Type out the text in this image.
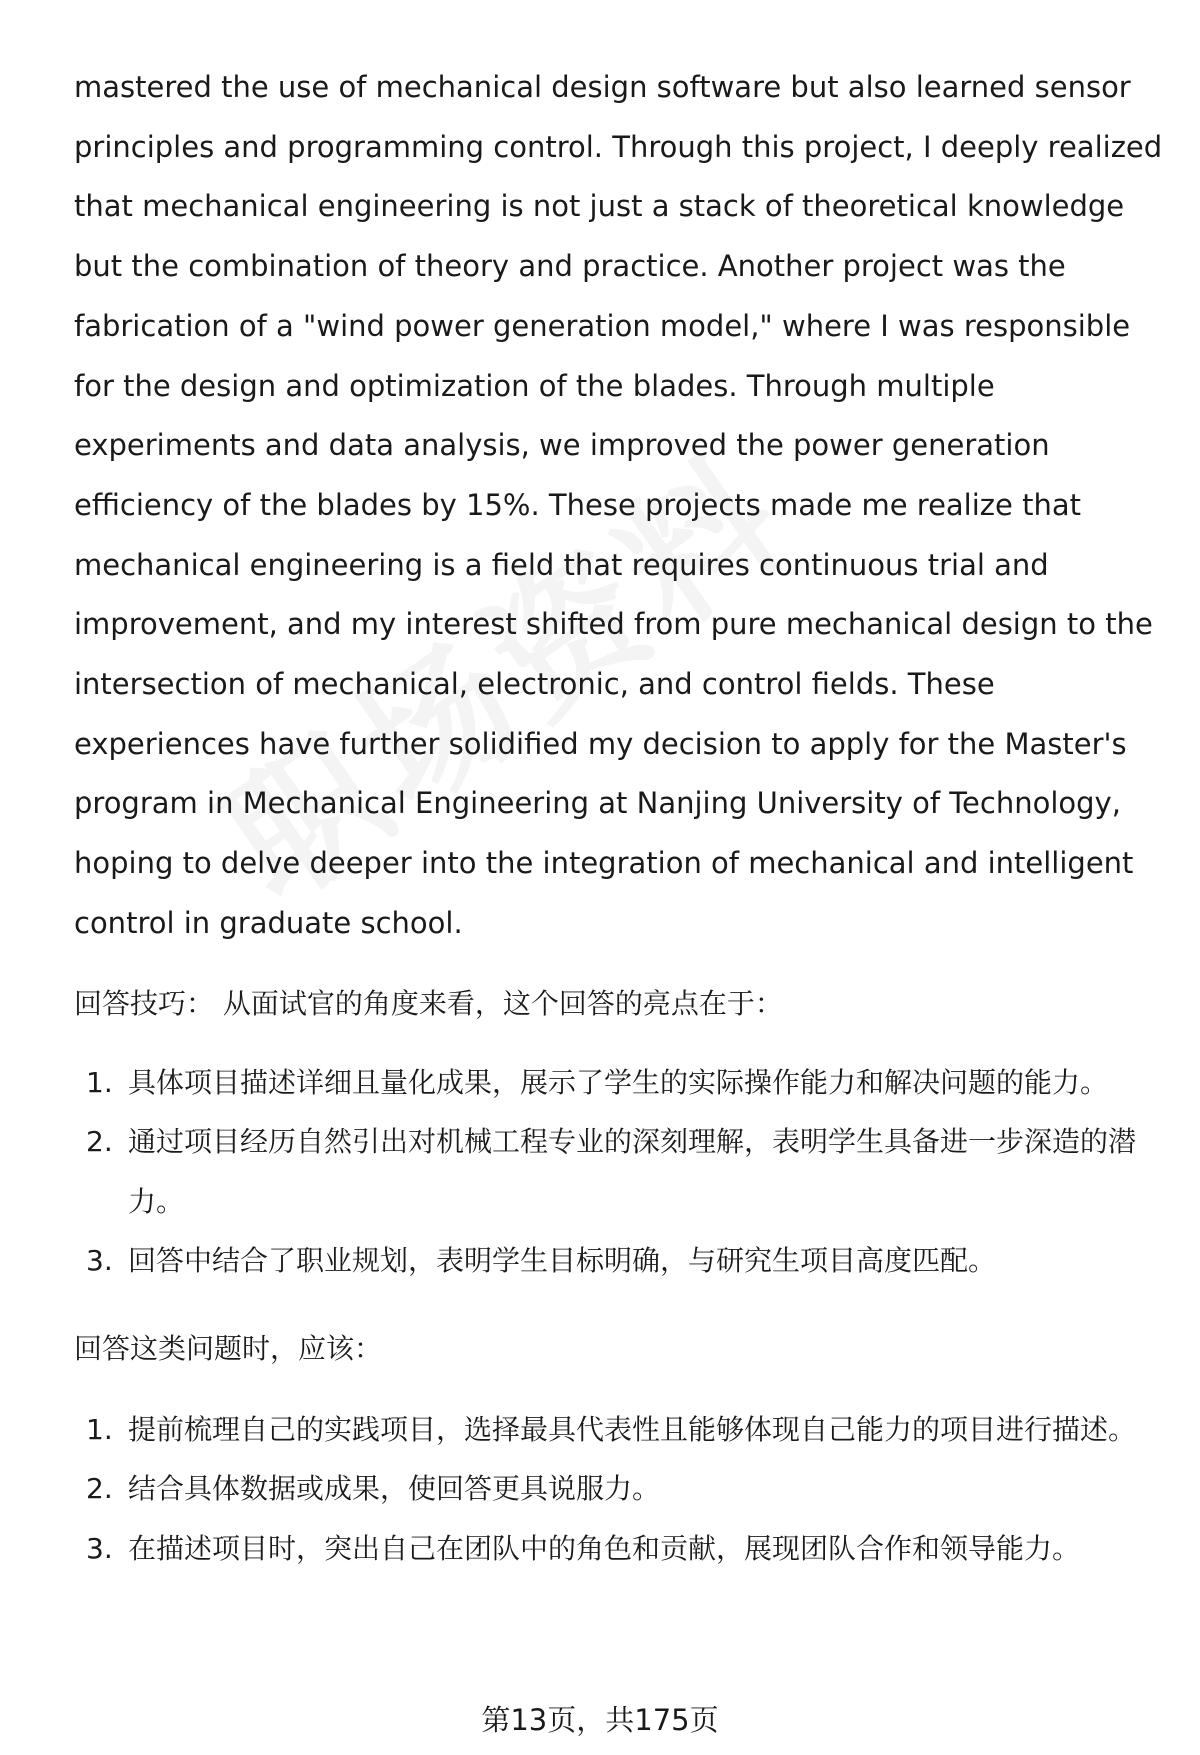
mastered the use of mechanical design software but also learned sensor principles and programming control. Through this project, I deeply realized that mechanical engineering is not just a stack of theoretical knowledge but the combination of theory and practice. Another project was the fabrication of a "wind power generation model," where I was responsible for the design and optimization of the blades. Through multiple experiments and data analysis, we improved the power generation efficiency of the blades by 15%. These projects made me realize that mechanical engineering is a field that requires continuous trial and improvement, and my interest shifted from pure mechanical design to the intersection of mechanical, electronic, and control fields. These experiences have further solidified my decision to apply for the Master's program in Mechanical Engineering at Nanjing University of Technology, hoping to delve deeper into the integration of mechanical and intelligent control in graduate school.

回答技巧： 从面试官的角度来看，这个回答的亮点在于：

1. 具体项目描述详细且量化成果，展示了学生的实际操作能力和解决问题的能力。
2. 通过项目经历自然引出对机械工程专业的深刻理解，表明学生具备进一步深造的潜力。
3. 回答中结合了职业规划，表明学生目标明确，与研究生项目高度匹配。

回答这类问题时，应该：

1. 提前梳理自己的实践项目，选择最具代表性且能够体现自己能力的项目进行描述。
2. 结合具体数据或成果，使回答更具说服力。
3. 在描述项目时，突出自己在团队中的角色和贡献，展现团队合作和领导能力。
第13页，共175页
